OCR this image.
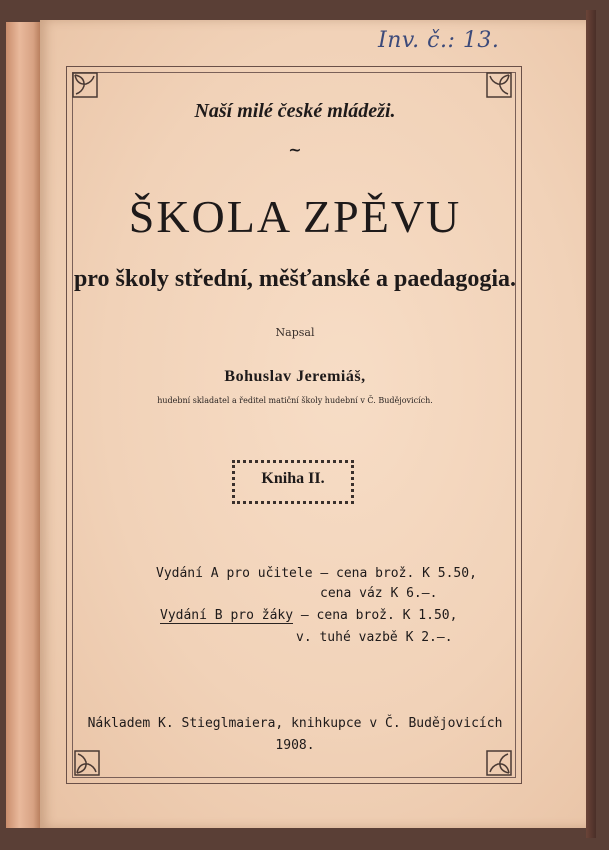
Inv. č.: 13.
Naší milé české mládeži.
~
ŠKOLA ZPĚVU
pro školy střední, měšťanské a paedagogia.
Napsal
Bohuslav Jeremiáš,
hudební skladatel a ředitel matiční školy hudební v Č. Budějovicích.
Kniha II.
Vydání A pro učitele — cena brož. K 5.50,
cena váz K 6.—.
Vydání B pro žáky — cena brož. K 1.50,
v. tuhé vazbě K 2.—.
Nákladem K. Stieglmaiera, knihkupce v Č. Budějovicích
1908.
